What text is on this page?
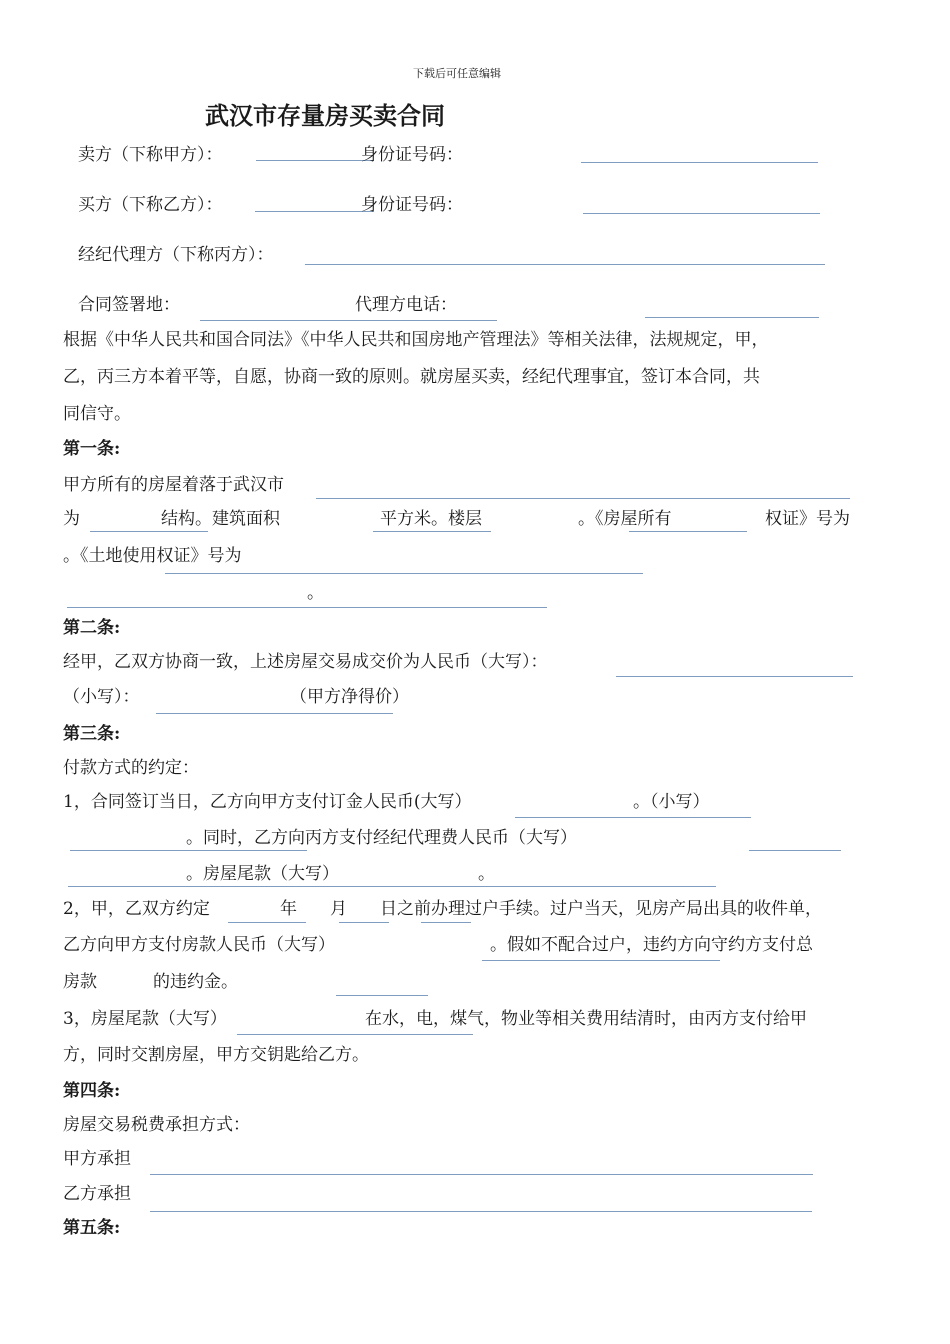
下载后可任意编辑
武汉市存量房买卖合同
卖方（下称甲方）：	身份证号码：
买方（下称乙方）：	身份证号码：
经纪代理方（下称丙方）：
合同签署地：	代理方电话：
根据《中华人民共和国合同法》《中华人民共和国房地产管理法》等相关法律，法规规定，甲，
乙，丙三方本着平等，自愿，协商一致的原则。就房屋买卖，经纪代理事宜，签订本合同，共
同信守。
第一条:
甲方所有的房屋着落于武汉市
为	结构。建筑面积	平方米。楼层	。《房屋所有	权证》号为
。《土地使用权证》号为
。
第二条:
经甲，乙双方协商一致，上述房屋交易成交价为人民币（大写）：
（小写）：	（甲方净得价）
第三条:
付款方式的约定：
1，合同签订当日，乙方向甲方支付订金人民币(大写）	。（小写）
。同时，乙方向丙方支付经纪代理费人民币（大写）
。房屋尾款（大写）	。
2，甲，乙双方约定	年 月 日之前办理过户手续。过户当天，见房产局出具的收件单，
乙方向甲方支付房款人民币（大写）	。假如不配合过户，违约方向守约方支付总
房款	的违约金。
3，房屋尾款（大写）	在水，电，煤气，物业等相关费用结清时，由丙方支付给甲
方，同时交割房屋，甲方交钥匙给乙方。
第四条:
房屋交易税费承担方式：
甲方承担
乙方承担
第五条:
